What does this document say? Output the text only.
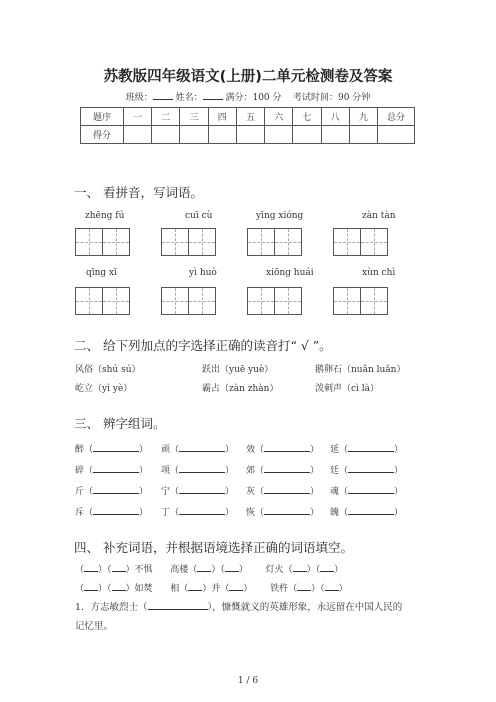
苏教版四年级语文(上册)二单元检测卷及答案
班级：	姓名：	满分：100 分 考试时间：90 分钟
题序	一	二	三	四	五	六	七	八	九	总分
得分										
一、 看拼音，写词语。
zhēng fú	cuī cù	yīng xióng	zàn tàn
qīng xī	yì huò	xiōng huái	xùn chì
二、 给下列加点的字选择正确的读音打“ √ ”。
风俗（shú sú）	跃出（yuē yuè）	鹅卵石（nuǎn luǎn）
屹立（yì yè）	霸占（zàn zhàn）	泼刺声（cì là）
三、 辨字组词。
醉（	） 顽（	） 效（	） 延（	）
碎（	） 项（	） 郊（	） 廷（	）
斤（	） 宁（	） 灰（	） 魂（	）
斥（	） 丁（	） 恢（	） 魄（	）
四、 补充词语，并根据语境选择正确的词语填空。
（ ）（ ）不惧 高楼（ ）（ ） 灯火（ ）（ ）
（ ）（ ）如焚 相（ ）并（ ） 铁杵（ ）（ ）
1．方志敏烈士（	），慷慨就义的英雄形象，永远留在中国人民的
记忆里。
1 / 6
